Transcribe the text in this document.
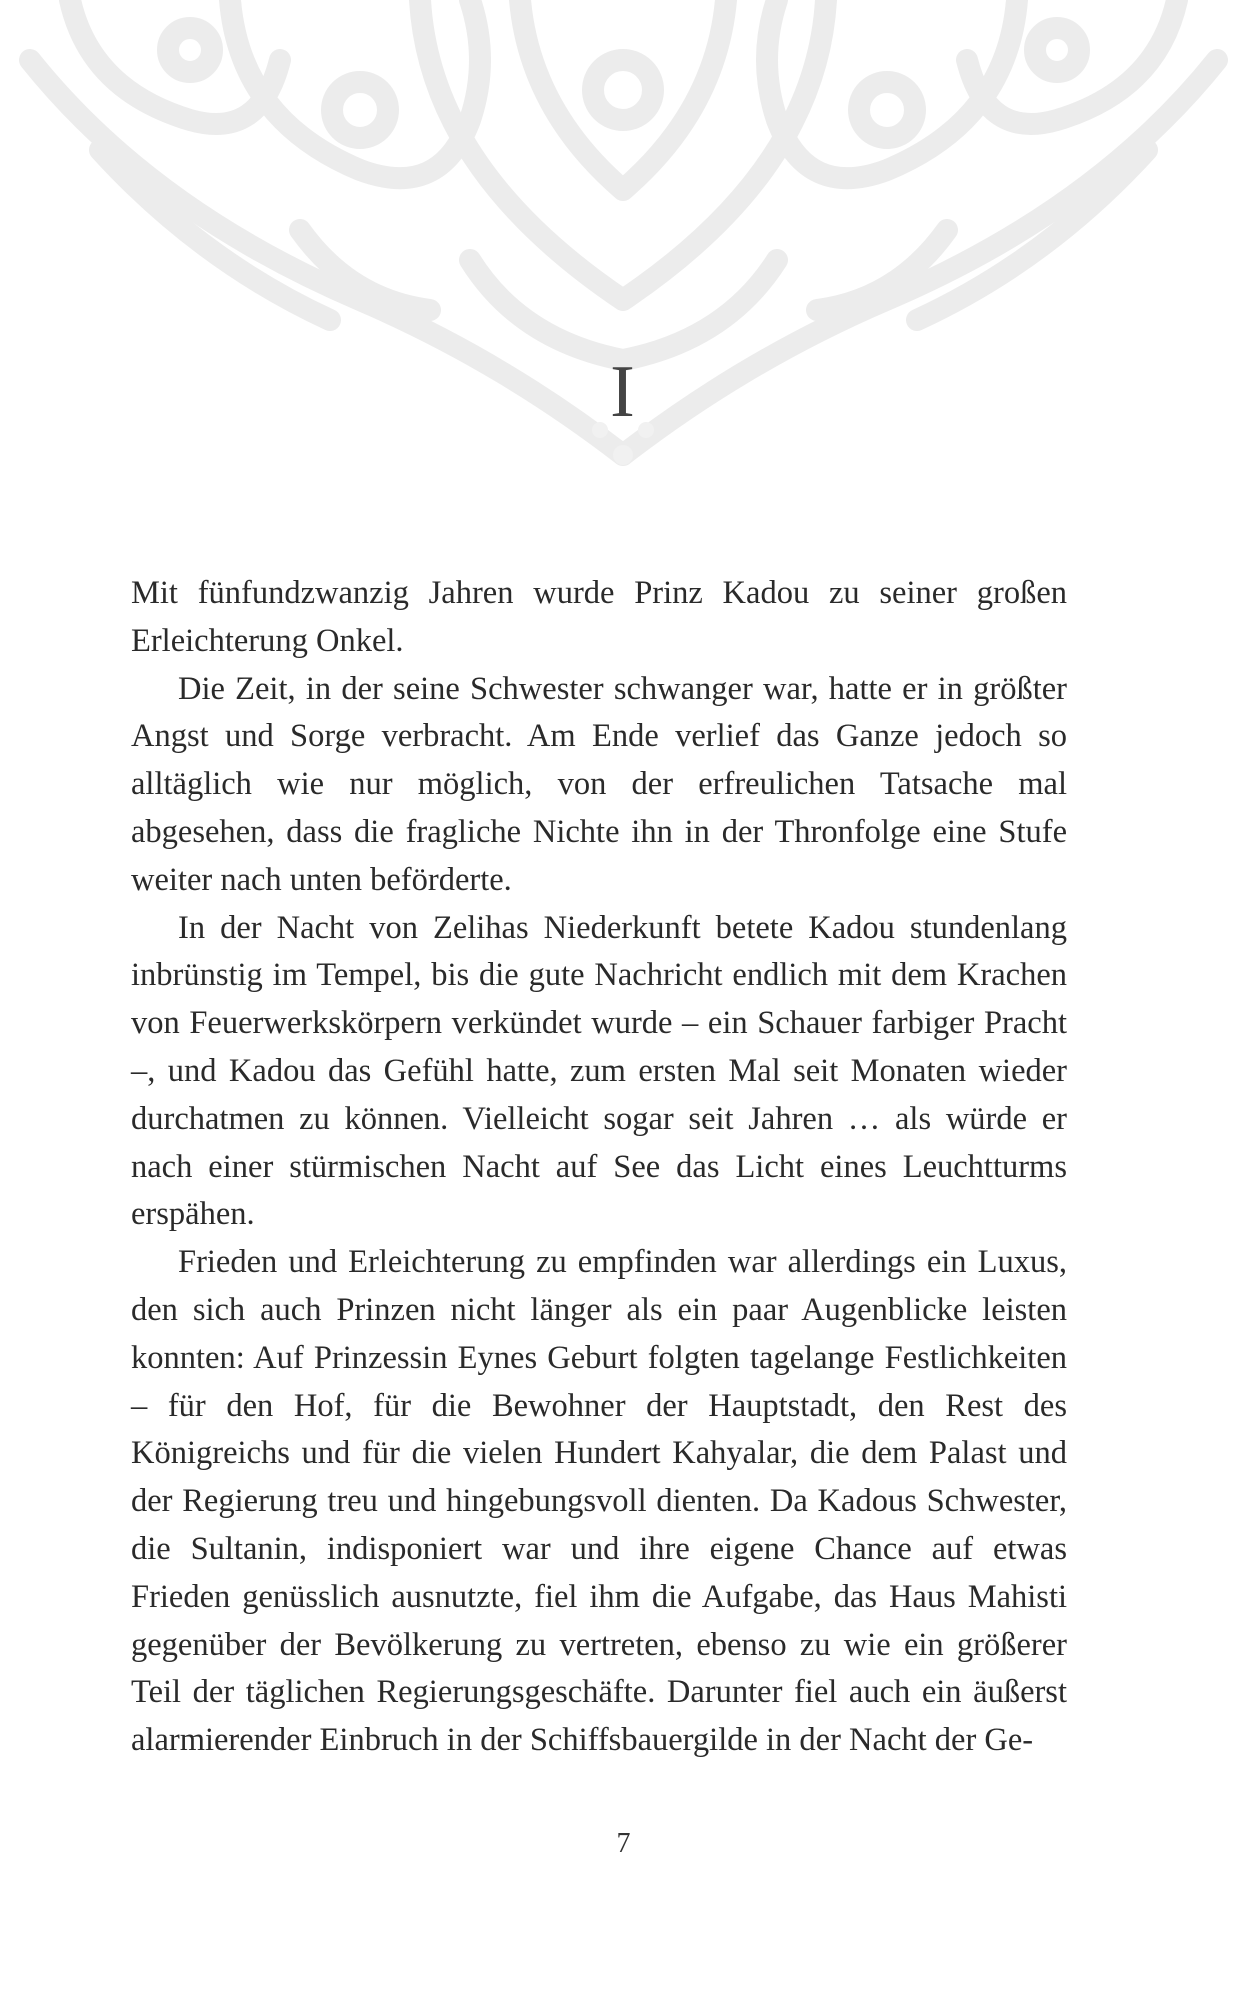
I

Mit fünfundzwanzig Jahren wurde Prinz Kadou zu seiner großen Erleichterung Onkel.

Die Zeit, in der seine Schwester schwanger war, hatte er in größter Angst und Sorge verbracht. Am Ende verlief das Ganze jedoch so alltäglich wie nur möglich, von der erfreulichen Tatsache mal abgesehen, dass die fragliche Nichte ihn in der Thronfolge eine Stufe weiter nach unten beförderte.

In der Nacht von Zelihas Niederkunft betete Kadou stundenlang inbrünstig im Tempel, bis die gute Nachricht endlich mit dem Krachen von Feuerwerkskörpern verkündet wurde – ein Schauer farbiger Pracht –, und Kadou das Gefühl hatte, zum ersten Mal seit Monaten wieder durchatmen zu können. Vielleicht sogar seit Jahren … als würde er nach einer stürmischen Nacht auf See das Licht eines Leuchtturms erspähen.

Frieden und Erleichterung zu empfinden war allerdings ein Luxus, den sich auch Prinzen nicht länger als ein paar Augenblicke leisten konnten: Auf Prinzessin Eynes Geburt folgten tagelange Festlichkeiten – für den Hof, für die Bewohner der Hauptstadt, den Rest des Königreichs und für die vielen Hundert Kahyalar, die dem Palast und der Regierung treu und hingebungsvoll dienten. Da Kadous Schwester, die Sultanin, indisponiert war und ihre eigene Chance auf etwas Frieden genüsslich ausnutzte, fiel ihm die Aufgabe, das Haus Mahisti gegenüber der Bevölkerung zu vertreten, ebenso zu wie ein größerer Teil der täglichen Regierungsgeschäfte. Darunter fiel auch ein äußerst alarmierender Einbruch in der Schiffsbauergilde in der Nacht der Ge-

7
